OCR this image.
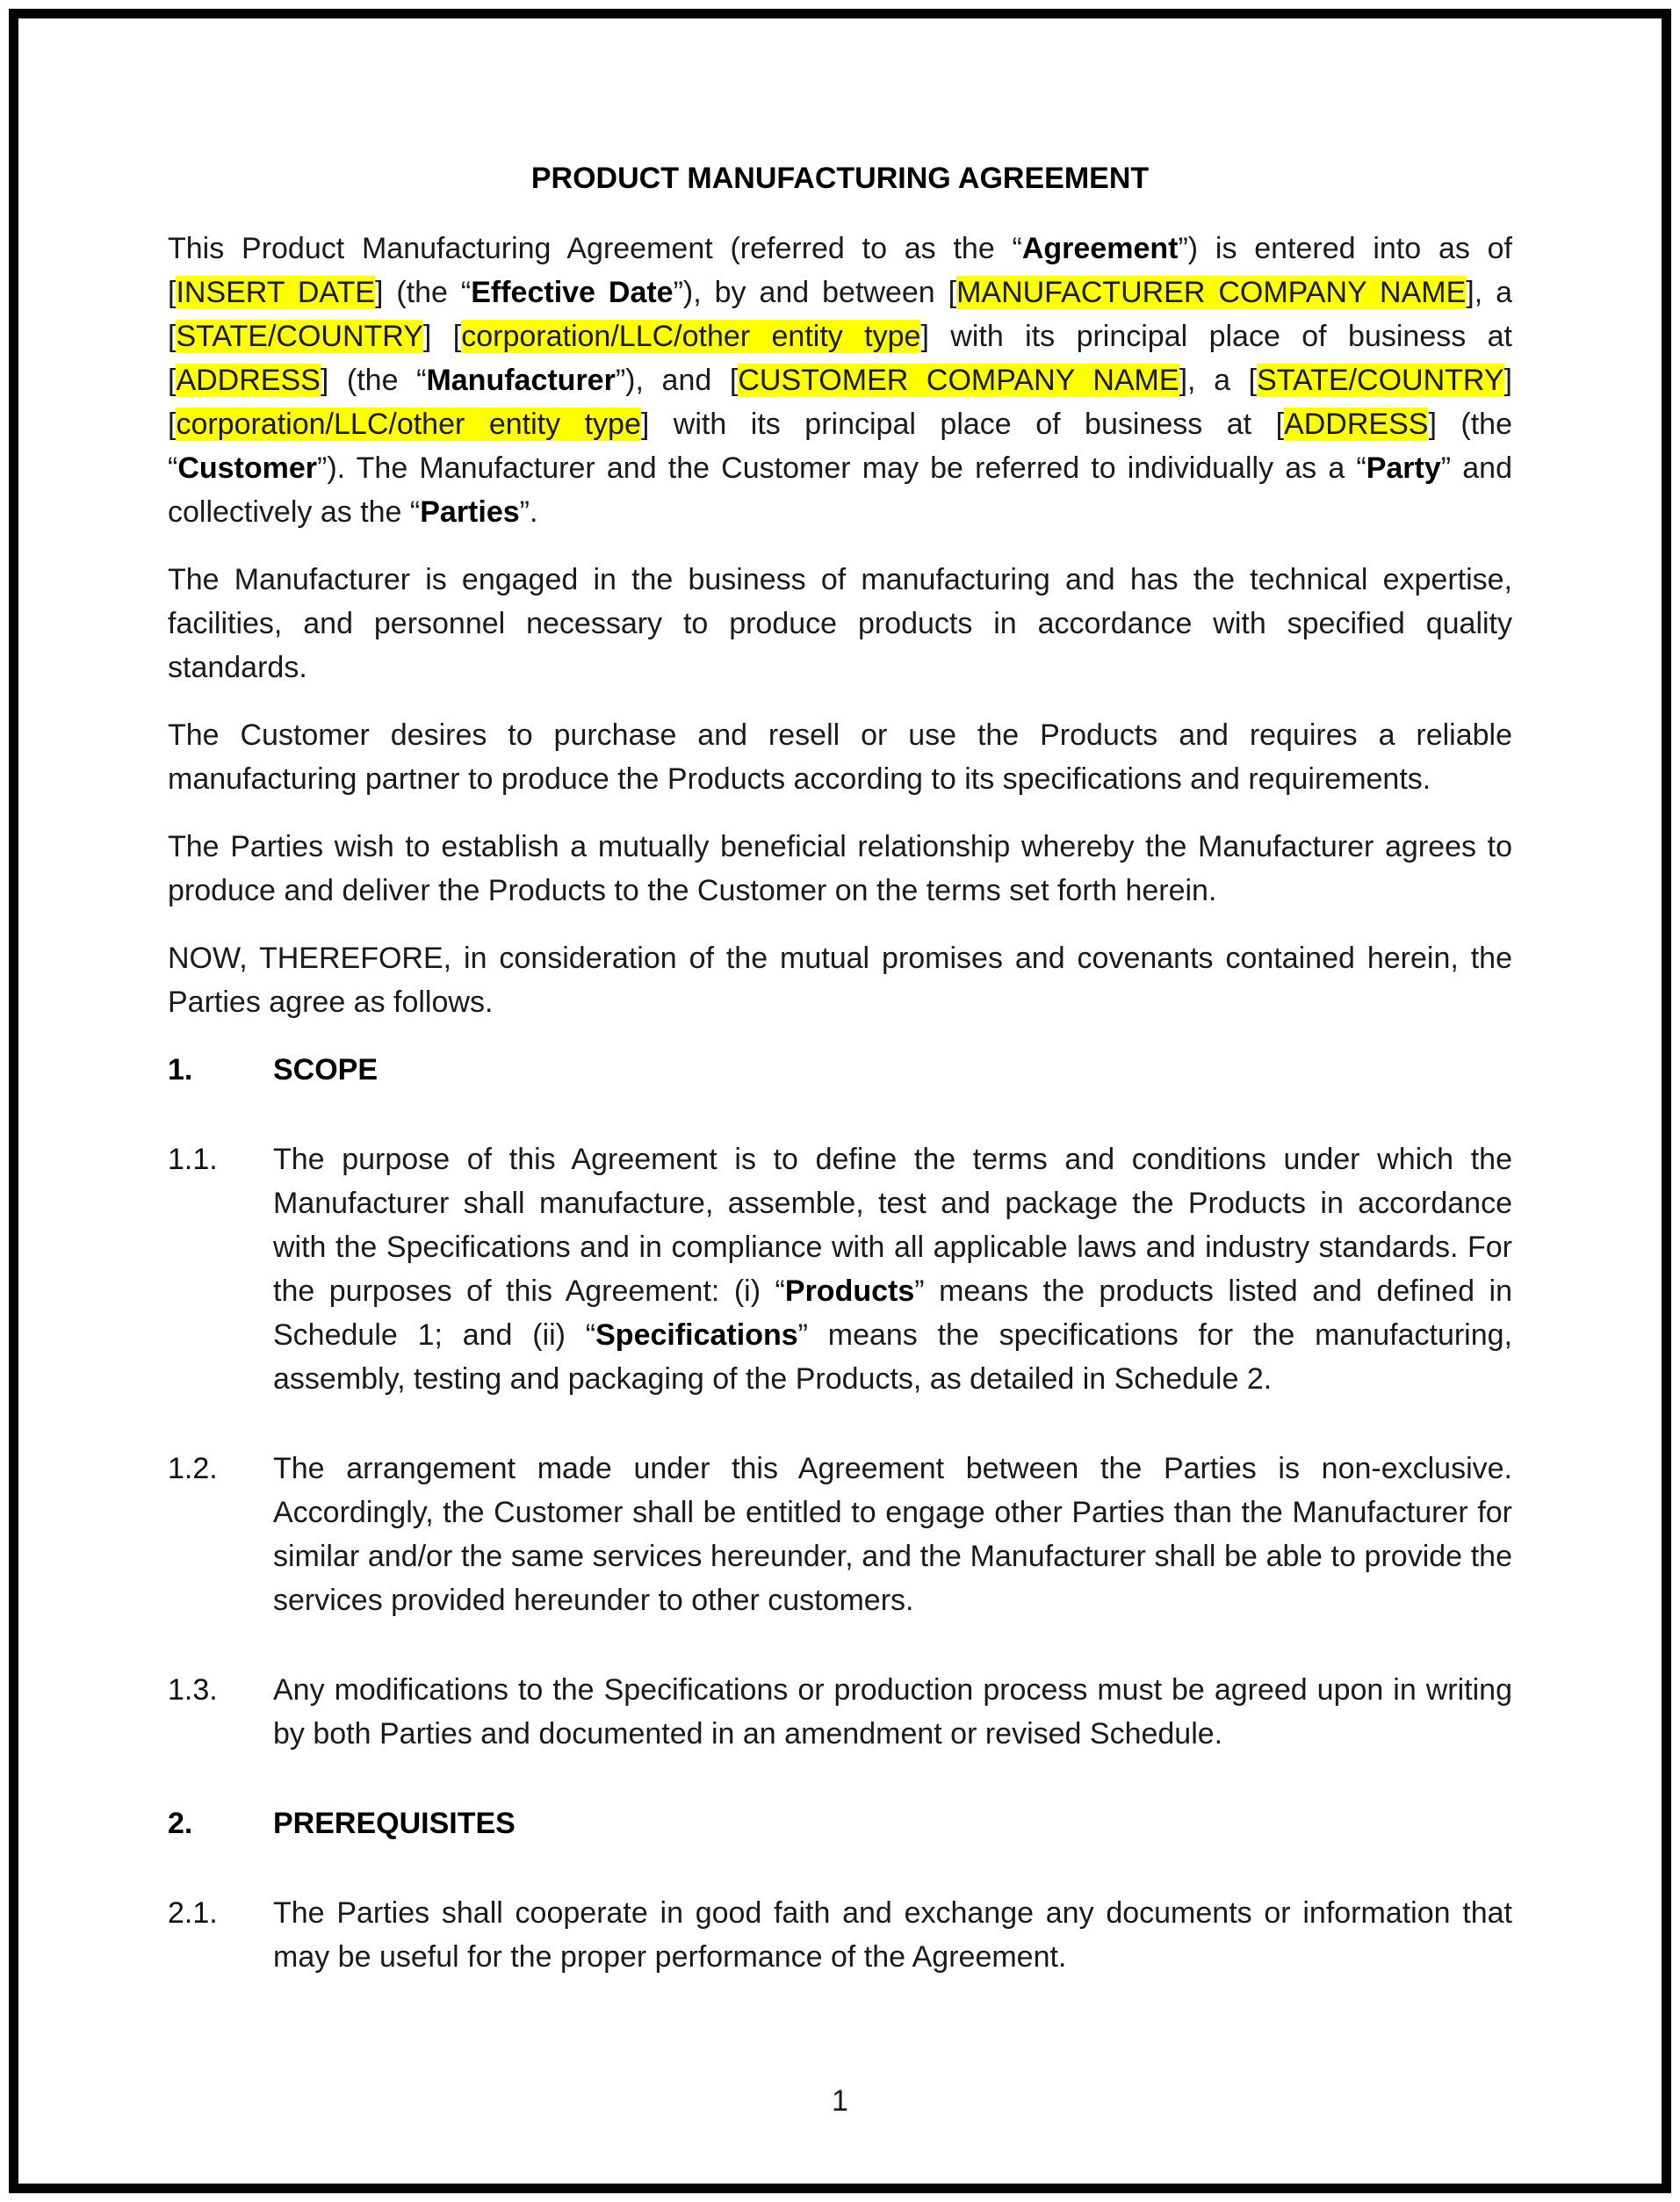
PRODUCT MANUFACTURING AGREEMENT
This Product Manufacturing Agreement (referred to as the “Agreement”) is entered into as of [INSERT DATE] (the “Effective Date”), by and between [MANUFACTURER COMPANY NAME], a [STATE/COUNTRY] [corporation/LLC/other entity type] with its principal place of business at [ADDRESS] (the “Manufacturer”), and [CUSTOMER COMPANY NAME], a [STATE/COUNTRY] [corporation/LLC/other entity type] with its principal place of business at [ADDRESS] (the “Customer”). The Manufacturer and the Customer may be referred to individually as a “Party” and collectively as the “Parties”.
The Manufacturer is engaged in the business of manufacturing and has the technical expertise, facilities, and personnel necessary to produce products in accordance with specified quality standards.
The Customer desires to purchase and resell or use the Products and requires a reliable manufacturing partner to produce the Products according to its specifications and requirements.
The Parties wish to establish a mutually beneficial relationship whereby the Manufacturer agrees to produce and deliver the Products to the Customer on the terms set forth herein.
NOW, THEREFORE, in consideration of the mutual promises and covenants contained herein, the Parties agree as follows.
1.	SCOPE
1.1. The purpose of this Agreement is to define the terms and conditions under which the Manufacturer shall manufacture, assemble, test and package the Products in accordance with the Specifications and in compliance with all applicable laws and industry standards. For the purposes of this Agreement: (i) “Products” means the products listed and defined in Schedule 1; and (ii) “Specifications” means the specifications for the manufacturing, assembly, testing and packaging of the Products, as detailed in Schedule 2.
1.2. The arrangement made under this Agreement between the Parties is non-exclusive. Accordingly, the Customer shall be entitled to engage other Parties than the Manufacturer for similar and/or the same services hereunder, and the Manufacturer shall be able to provide the services provided hereunder to other customers.
1.3. Any modifications to the Specifications or production process must be agreed upon in writing by both Parties and documented in an amendment or revised Schedule.
2.	PREREQUISITES
2.1. The Parties shall cooperate in good faith and exchange any documents or information that may be useful for the proper performance of the Agreement.
1
